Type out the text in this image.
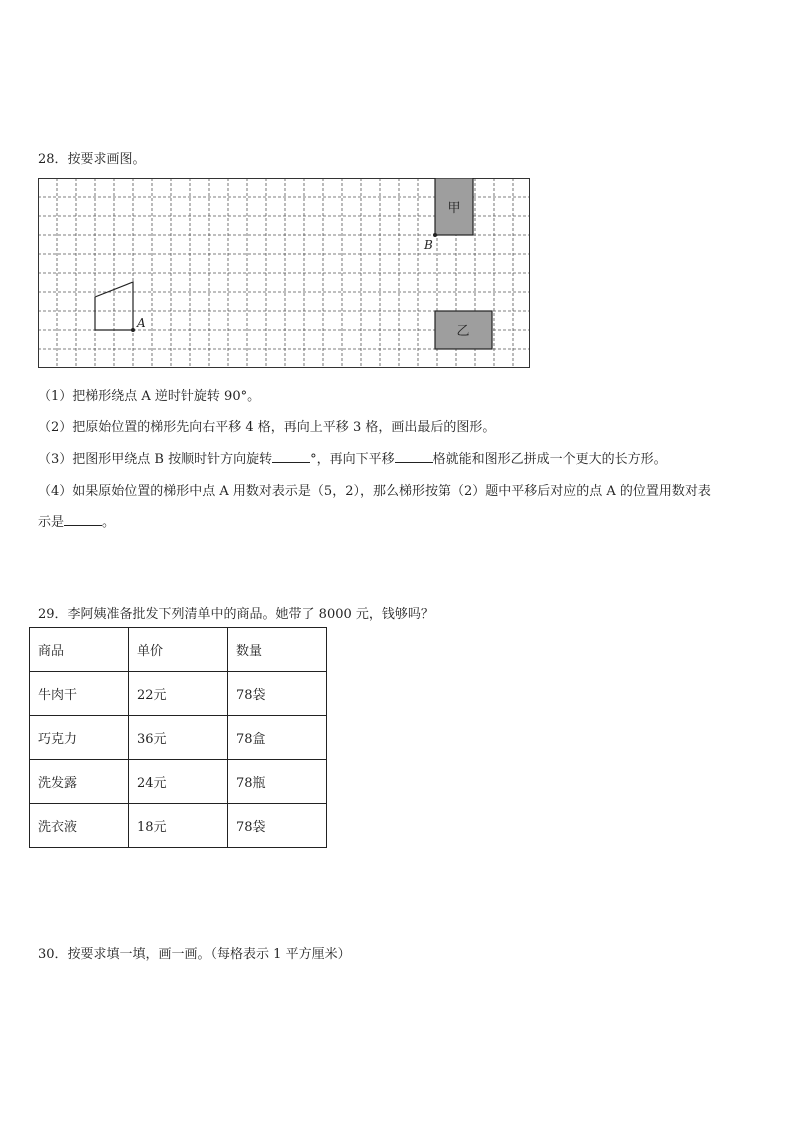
28．按要求画图。
甲
B
乙
A
（1）把梯形绕点 A 逆时针旋转 90°。
（2）把原始位置的梯形先向右平移 4 格，再向上平移 3 格，画出最后的图形。
（3）把图形甲绕点 B 按顺时针方向旋转	°，再向下平移	格就能和图形乙拼成一个更大的长方形。
（4）如果原始位置的梯形中点 A 用数对表示是（5，2），那么梯形按第（2）题中平移后对应的点 A 的位置用数对表
示是	。
29．李阿姨准备批发下列清单中的商品。她带了 8000 元，钱够吗？
商品	单价	数量
牛肉干	22元	78袋
巧克力	36元	78盒
洗发露	24元	78瓶
洗衣液	18元	78袋
30．按要求填一填，画一画。（每格表示 1 平方厘米）
